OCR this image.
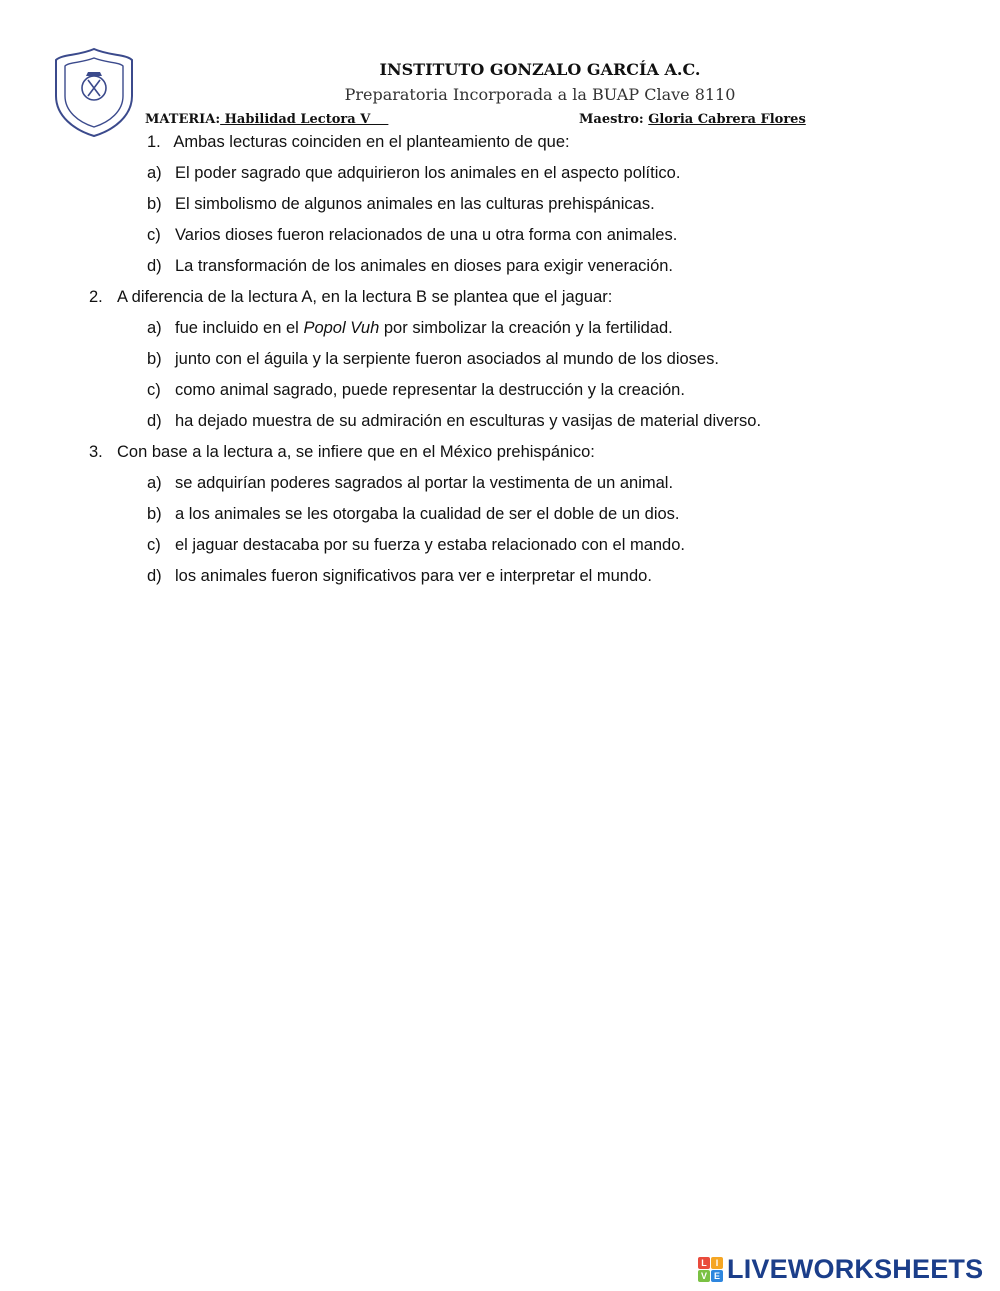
INSTITUTO GONZALO GARCÍA A.C.
Preparatoria Incorporada a la BUAP Clave 8110
MATERIA: Habilidad Lectora V	Maestro: Gloria Cabrera Flores
1. Ambas lecturas coinciden en el planteamiento de que:
a) El poder sagrado que adquirieron los animales en el aspecto político.
b) El simbolismo de algunos animales en las culturas prehispánicas.
c) Varios dioses fueron relacionados de una u otra forma con animales.
d) La transformación de los animales en dioses para exigir veneración.
2. A diferencia de la lectura A, en la lectura B se plantea que el jaguar:
a) fue incluido en el Popol Vuh por simbolizar la creación y la fertilidad.
b) junto con el águila y la serpiente fueron asociados al mundo de los dioses.
c) como animal sagrado, puede representar la destrucción y la creación.
d) ha dejado muestra de su admiración en esculturas y vasijas de material diverso.
3. Con base a la lectura a, se infiere que en el México prehispánico:
a) se adquirían poderes sagrados al portar la vestimenta de un animal.
b) a los animales se les otorgaba la cualidad de ser el doble de un dios.
c) el jaguar destacaba por su fuerza y estaba relacionado con el mando.
d) los animales fueron significativos para ver e interpretar el mundo.
L I
V E LIVEWORKSHEETS
